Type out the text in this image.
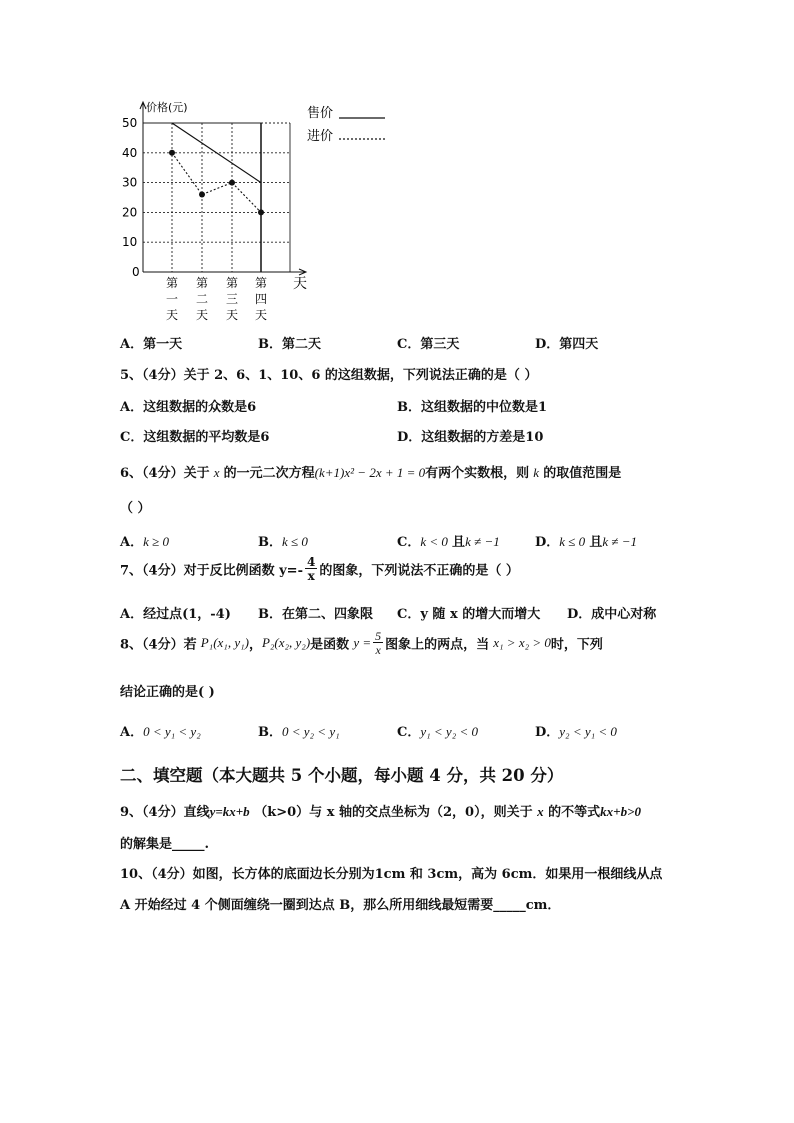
价格(元)
天
0
10
20
30
40
50
第
一
天
第
二
天
第
三
天
第
四
天
售价
进价
A．第一天	B．第二天	C．第三天	D．第四天
5、（4分）关于 2、6、1、10、6 的这组数据，下列说法正确的是（ ）
A．这组数据的众数是6	B．这组数据的中位数是1
C．这组数据的平均数是6	D．这组数据的方差是10
6、（4分）关于 x 的一元二次方程(k+1)x² − 2x + 1 = 0有两个实数根，则 k 的取值范围是
（ ）
A．k ≥ 0	B．k ≤ 0	C．k < 0 且k ≠ −1	D．k ≤ 0 且k ≠ −1
7、（4分）对于反比例函数 $y=- \frac{4}{x}$ 的图象，下列说法不正确的是（ ）
A．经过点(1，-4) B．在第二、四象限 C．y 随 x 的增大而增大 D．成中心对称
8、（4分）若 P₁(x₁, y₁)，P₂(x₂, y₂)是函数 $y = \frac{5}{x}$ 图象上的两点，当 x₁ > x₂ > 0时，下列
结论正确的是( )
A．0 < y₁ < y₂	B．0 < y₂ < y₁	C．y₁ < y₂ < 0	D．y₂ < y₁ < 0
二、填空题（本大题共 5 个小题，每小题 4 分，共 20 分）
9、（4分）直线y=kx+b （k>0）与 x 轴的交点坐标为（2，0），则关于 x 的不等式kx+b>0
的解集是_____.
10、（4分）如图，长方体的底面边长分别为1cm 和 3cm，高为 6cm．如果用一根细线从点
A 开始经过 4 个侧面缠绕一圈到达点 B，那么所用细线最短需要_____cm．
